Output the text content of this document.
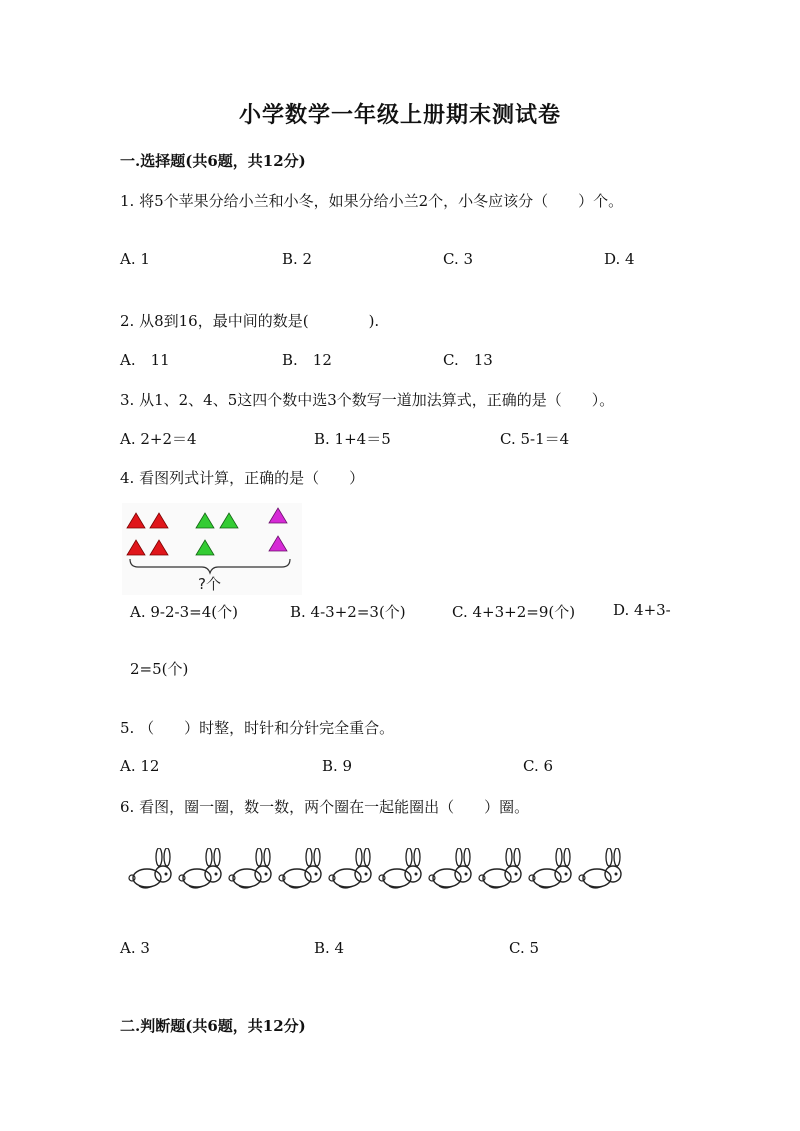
小学数学一年级上册期末测试卷
一.选择题(共6题，共12分)
1. 将5个苹果分给小兰和小冬，如果分给小兰2个，小冬应该分（　　）个。
A. 1	B. 2	C. 3	D. 4
2. 从8到16，最中间的数是(　　　　).
A.　11	B.　12	C.　13
3. 从1、2、4、5这四个数中选3个数写一道加法算式，正确的是（　　）。
A. 2+2＝4	B. 1+4＝5	C. 5-1＝4
4. 看图列式计算，正确的是（　　）
?个
A. 9-2-3=4(个)	B. 4-3+2=3(个)	C. 4+3+2=9(个)	D. 4+3-
2=5(个)
5. （　　）时整，时针和分针完全重合。
A. 12	B. 9	C. 6
6. 看图，圈一圈，数一数，两个圈在一起能圈出（　　）圈。
A. 3	B. 4	C. 5
二.判断题(共6题，共12分)
